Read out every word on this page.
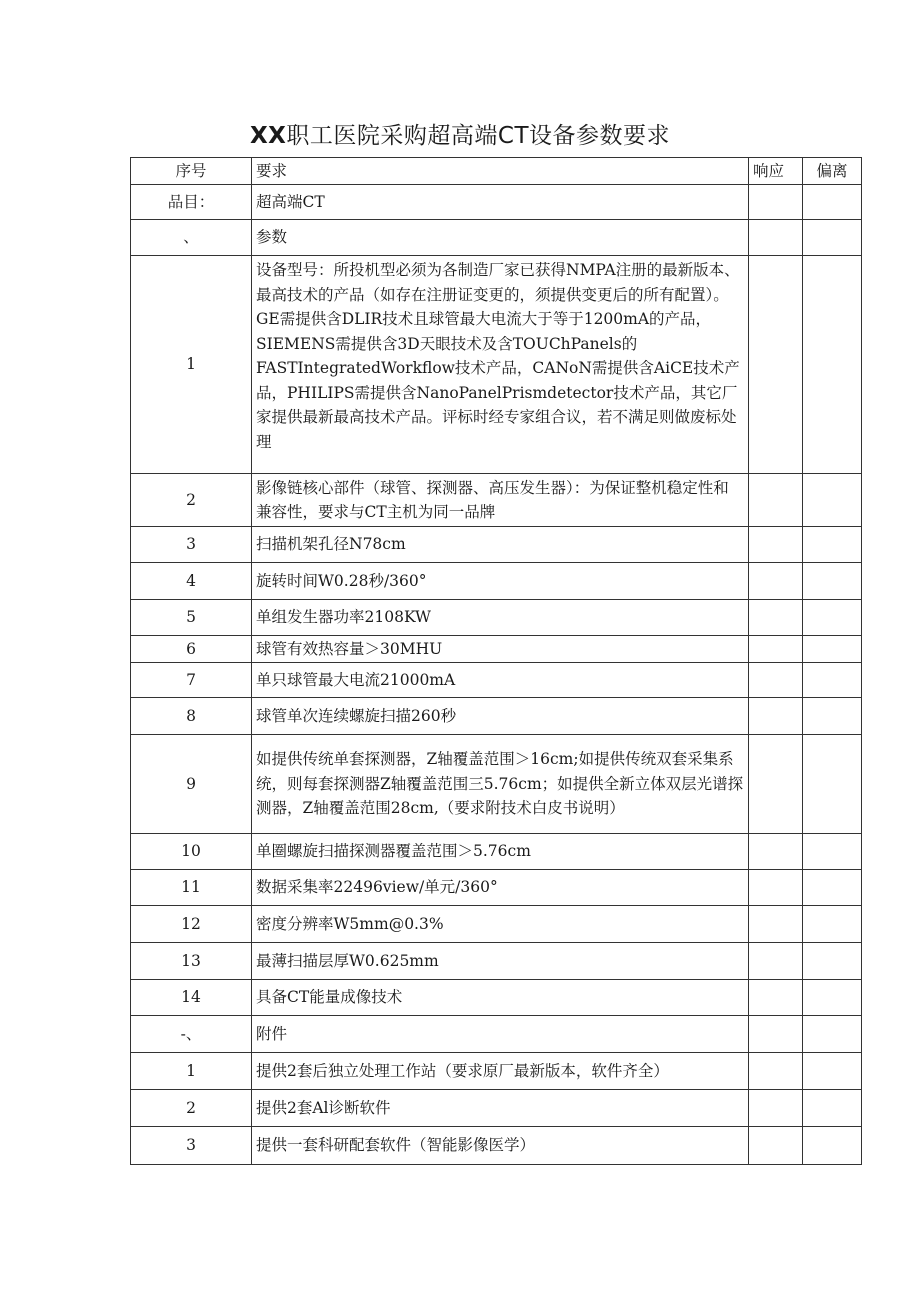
XX职工医院采购超高端CT设备参数要求
序号	要求	响应	偏离
品目：	超高端CT		
、	参数		
1	设备型号：所投机型必须为各制造厂家已获得NMPA注册的最新版本、最高技术的产品（如存在注册证变更的，须提供变更后的所有配置）。GE需提供含DLIR技术且球管最大电流大于等于1200mA的产品，SIEMENS需提供含3D天眼技术及含TOUChPanels的FASTIntegratedWorkflow技术产品，CANoN需提供含AiCE技术产品，PHILIPS需提供含NanoPanelPrismdetector技术产品，其它厂家提供最新最高技术产品。评标时经专家组合议，若不满足则做废标处理		
2	影像链核心部件（球管、探测器、高压发生器）：为保证整机稳定性和兼容性，要求与CT主机为同一品牌		
3	扫描机架孔径N78cm		
4	旋转时间W0.28秒/360°		
5	单组发生器功率2108KW		
6	球管有效热容量＞30MHU		
7	单只球管最大电流21000mA		
8	球管单次连续螺旋扫描260秒		
9	如提供传统单套探测器，Z轴覆盖范围＞16cm;如提供传统双套采集系统，则每套探测器Z轴覆盖范围三5.76cm；如提供全新立体双层光谱探测器，Z轴覆盖范围28cm,（要求附技术白皮书说明）		
10	单圈螺旋扫描探测器覆盖范围＞5.76cm		
11	数据采集率22496view/单元/360°		
12	密度分辨率W5mm@0.3%		
13	最薄扫描层厚W0.625mm		
14	具备CT能量成像技术		
-、	附件		
1	提供2套后独立处理工作站（要求原厂最新版本，软件齐全）		
2	提供2套Al诊断软件		
3	提供一套科研配套软件（智能影像医学）		
